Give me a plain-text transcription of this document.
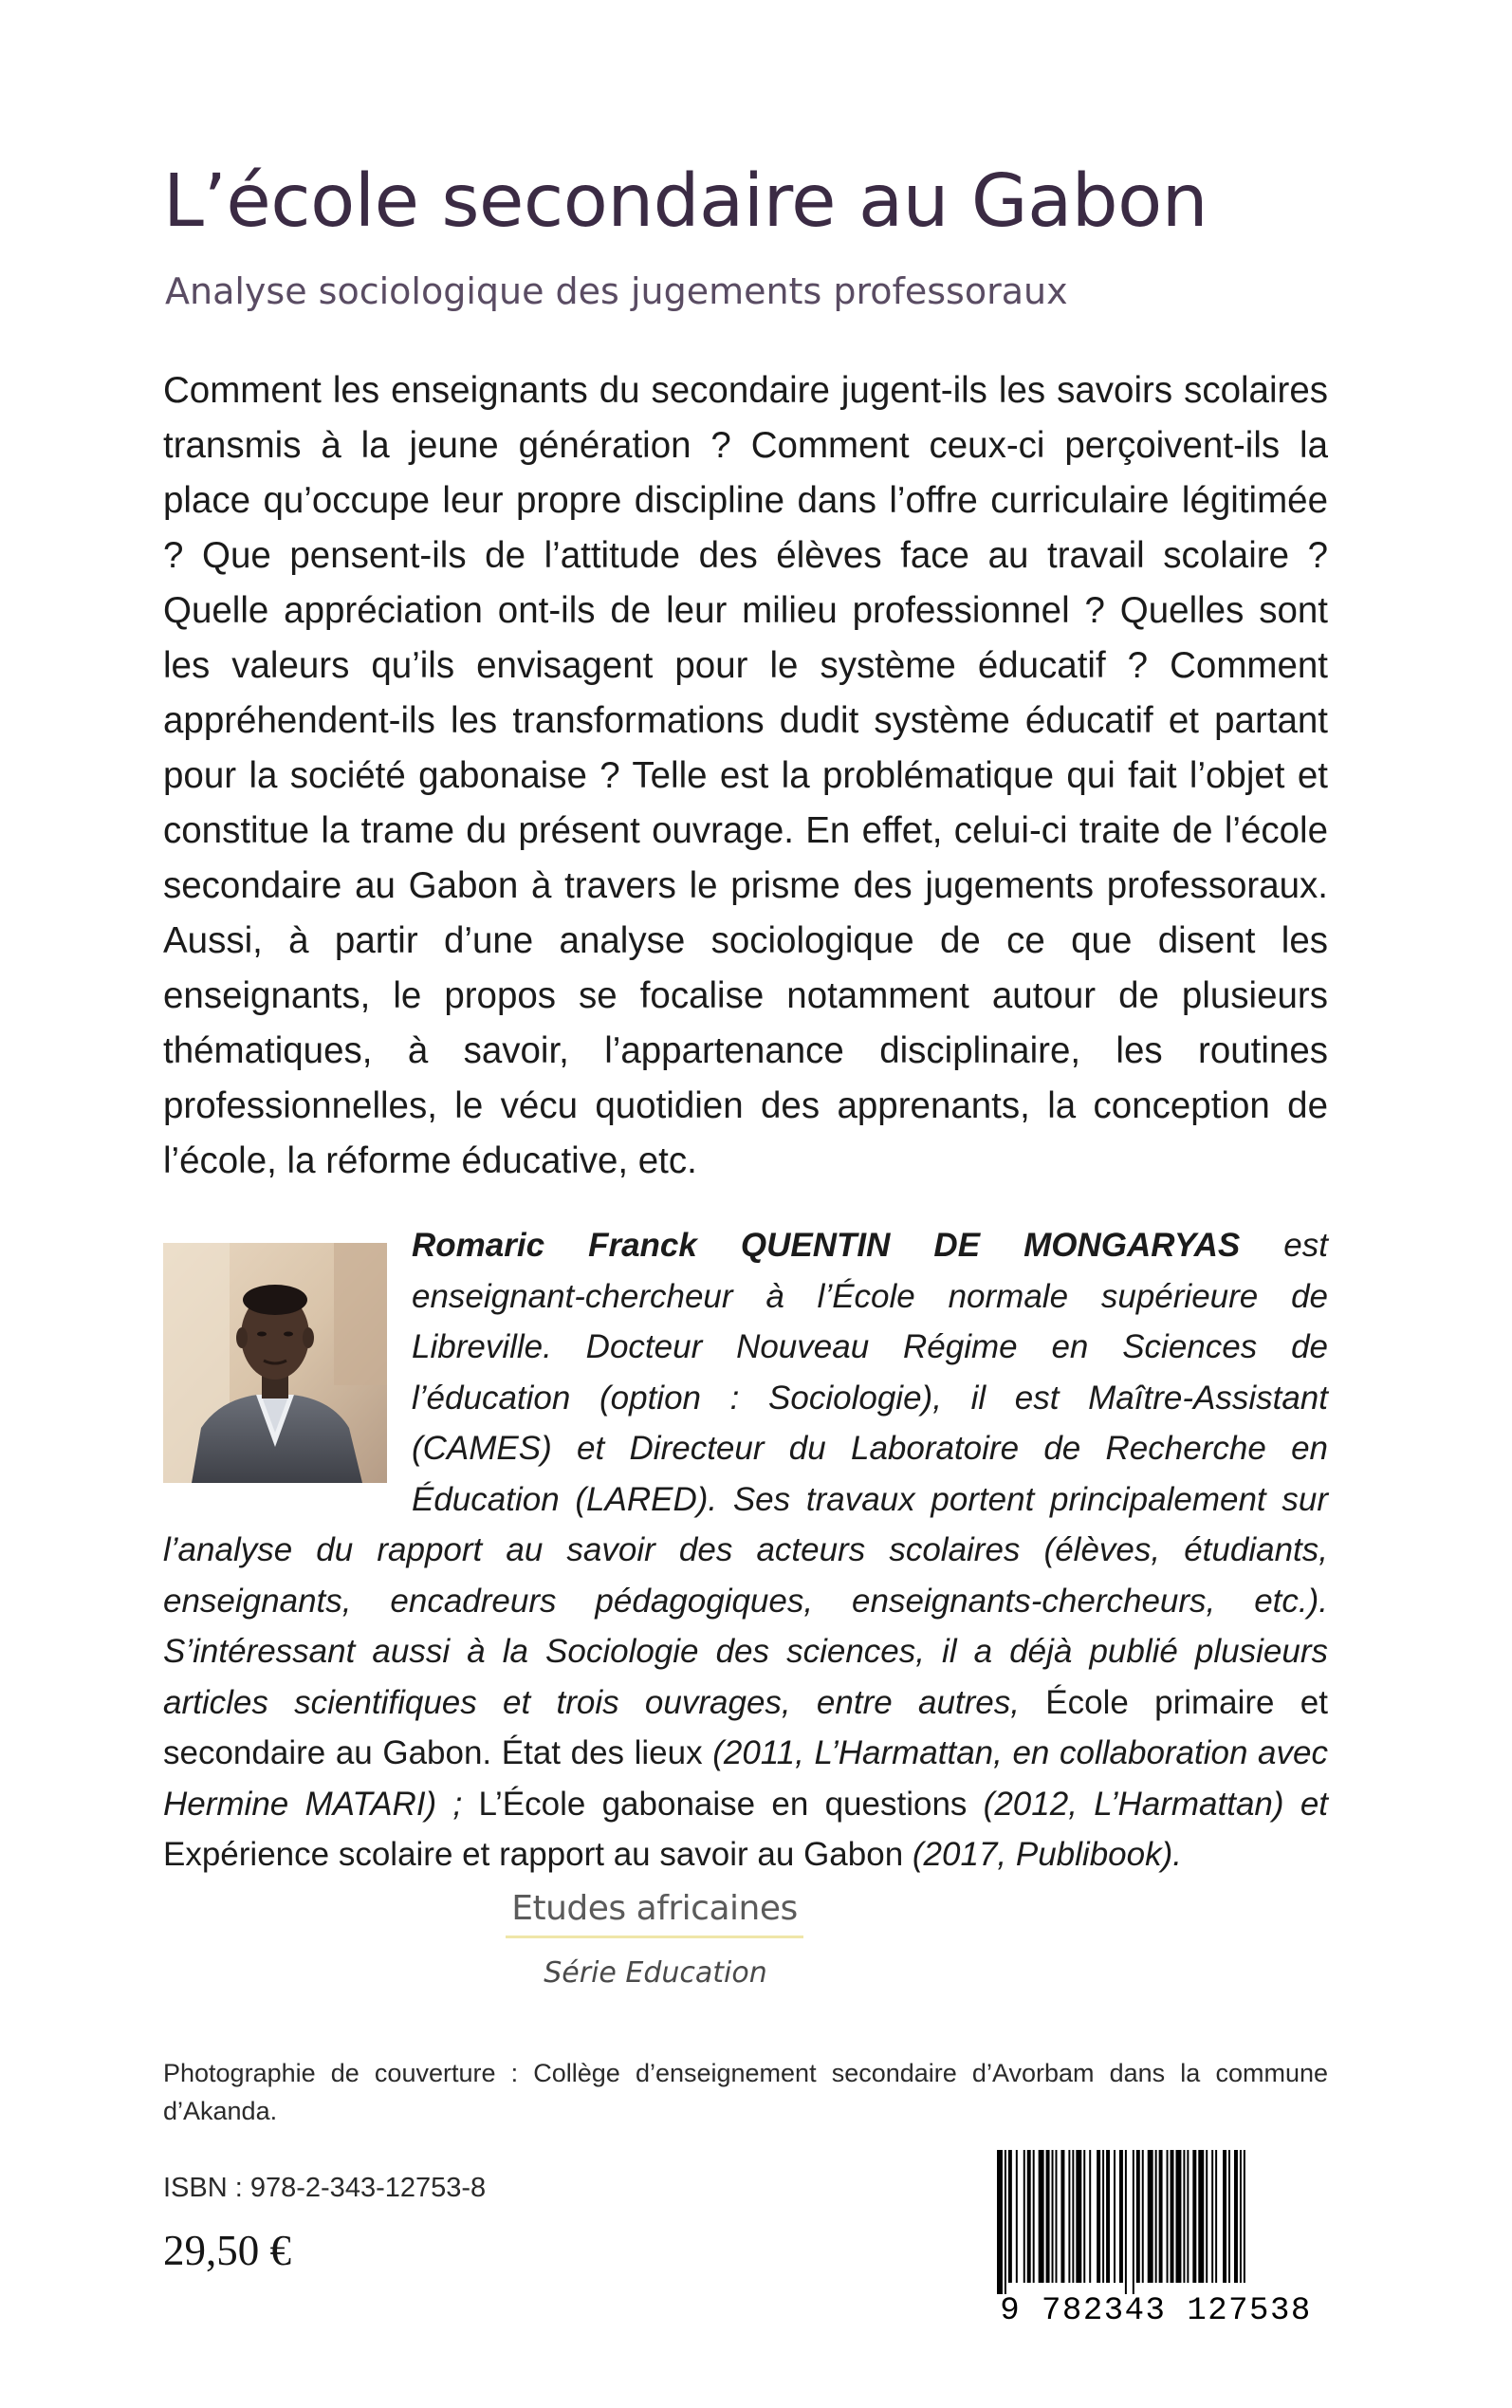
L’école secondaire au Gabon
Analyse sociologique des jugements professoraux

Comment les enseignants du secondaire jugent-ils les savoirs scolaires transmis à la jeune génération ? Comment ceux-ci perçoivent-ils la place qu’occupe leur propre discipline dans l’offre curriculaire légitimée ? Que pensent-ils de l’attitude des élèves face au travail scolaire ? Quelle appréciation ont-ils de leur milieu professionnel ? Quelles sont les valeurs qu’ils envisagent pour le système éducatif ? Comment appréhendent-ils les transformations dudit système éducatif et partant pour la société gabonaise ? Telle est la problématique qui fait l’objet et constitue la trame du présent ouvrage. En effet, celui-ci traite de l’école secondaire au Gabon à travers le prisme des jugements professoraux. Aussi, à partir d’une analyse sociologique de ce que disent les enseignants, le propos se focalise notamment autour de plusieurs thématiques, à savoir, l’appartenance disciplinaire, les routines professionnelles, le vécu quotidien des apprenants, la conception de l’école, la réforme éducative, etc.

Romaric Franck QUENTIN DE MONGARYAS est enseignant-chercheur à l’École normale supérieure de Libreville. Docteur Nouveau Régime en Sciences de l’éducation (option : Sociologie), il est Maître-Assistant (CAMES) et Directeur du Laboratoire de Recherche en Éducation (LARED). Ses travaux portent principalement sur l’analyse du rapport au savoir des acteurs scolaires (élèves, étudiants, enseignants, encadreurs pédagogiques, enseignants-chercheurs, etc.). S’intéressant aussi à la Sociologie des sciences, il a déjà publié plusieurs articles scientifiques et trois ouvrages, entre autres, École primaire et secondaire au Gabon. État des lieux (2011, L’Harmattan, en collaboration avec Hermine MATARI) ; L’École gabonaise en questions (2012, L’Harmattan) et Expérience scolaire et rapport au savoir au Gabon (2017, Publibook).

Etudes africaines
Série Education

Photographie de couverture : Collège d’enseignement secondaire d’Avorbam dans la commune d’Akanda.

ISBN : 978-2-343-12753-8
29,50 €
9 782343 127538
